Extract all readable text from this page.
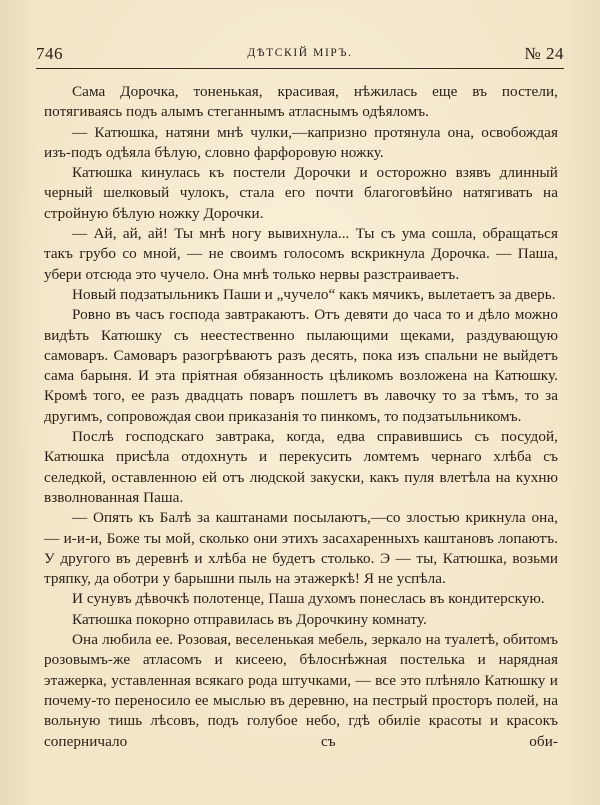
746	ДѢТСКІЙ МІРЪ.	№ 24

Сама Дорочка, тоненькая, красивая, нѣжилась еще въ постели, потягиваясь подъ алымъ стеганнымъ атласнымъ одѣяломъ.

— Катюшка, натяни мнѣ чулки,—капризно протянула она, освобождая изъ-подъ одѣяла бѣлую, словно фарфоровую ножку.

Катюшка кинулась къ постели Дорочки и осторожно взявъ длинный черный шелковый чулокъ, стала его почти благоговѣйно натягивать на стройную бѣлую ножку Дорочки.

— Ай, ай, ай! Ты мнѣ ногу вывихнула... Ты съ ума сошла, обращаться такъ грубо со мной, — не своимъ голосомъ вскрикнула Дорочка. — Паша, убери отсюда это чучело. Она мнѣ только нервы разстраиваетъ.

Новый подзатыльникъ Паши и „чучело“ какъ мячикъ, вылетаетъ за дверь.

Ровно въ часъ господа завтракаютъ. Отъ девяти до часа то и дѣло можно видѣть Катюшку съ неестественно пылающими щеками, раздувающую самоваръ. Самоваръ разогрѣваютъ разъ десять, пока изъ спальни не выйдетъ сама барыня. И эта пріятная обязанность цѣликомъ возложена на Катюшку. Кромѣ того, ее разъ двадцать поваръ пошлетъ въ лавочку то за тѣмъ, то за другимъ, сопровождая свои приказанія то пинкомъ, то подзатыльникомъ.

Послѣ господскаго завтрака, когда, едва справившись съ посудой, Катюшка присѣла отдохнуть и перекусить ломтемъ чернаго хлѣба съ селедкой, оставленною ей отъ людской закуски, какъ пуля влетѣла на кухню взволнованная Паша.

— Опять къ Балѣ за каштанами посылаютъ,—со злостью крикнула она, — и-и-и, Боже ты мой, сколько они этихъ засахаренныхъ каштановъ лопаютъ. У другого въ деревнѣ и хлѣба не будетъ столько. Э — ты, Катюшка, возьми тряпку, да оботри у барышни пыль на этажеркѣ! Я не успѣла.

И сунувъ дѣвочкѣ полотенце, Паша духомъ понеслась въ кондитерскую.

Катюшка покорно отправилась въ Дорочкину комнату.

Она любила ее. Розовая, веселенькая мебель, зеркало на туалетѣ, обитомъ розовымъ-же атласомъ и кисеею, бѣлоснѣжная постелька и нарядная этажерка, уставленная всякаго рода штучками, — все это плѣняло Катюшку и почему-то переносило ее мыслью въ деревню, на пестрый просторъ полей, на вольную тишь лѣсовъ, подъ голубое небо, гдѣ обиліе красоты и красокъ соперничало съ оби-
